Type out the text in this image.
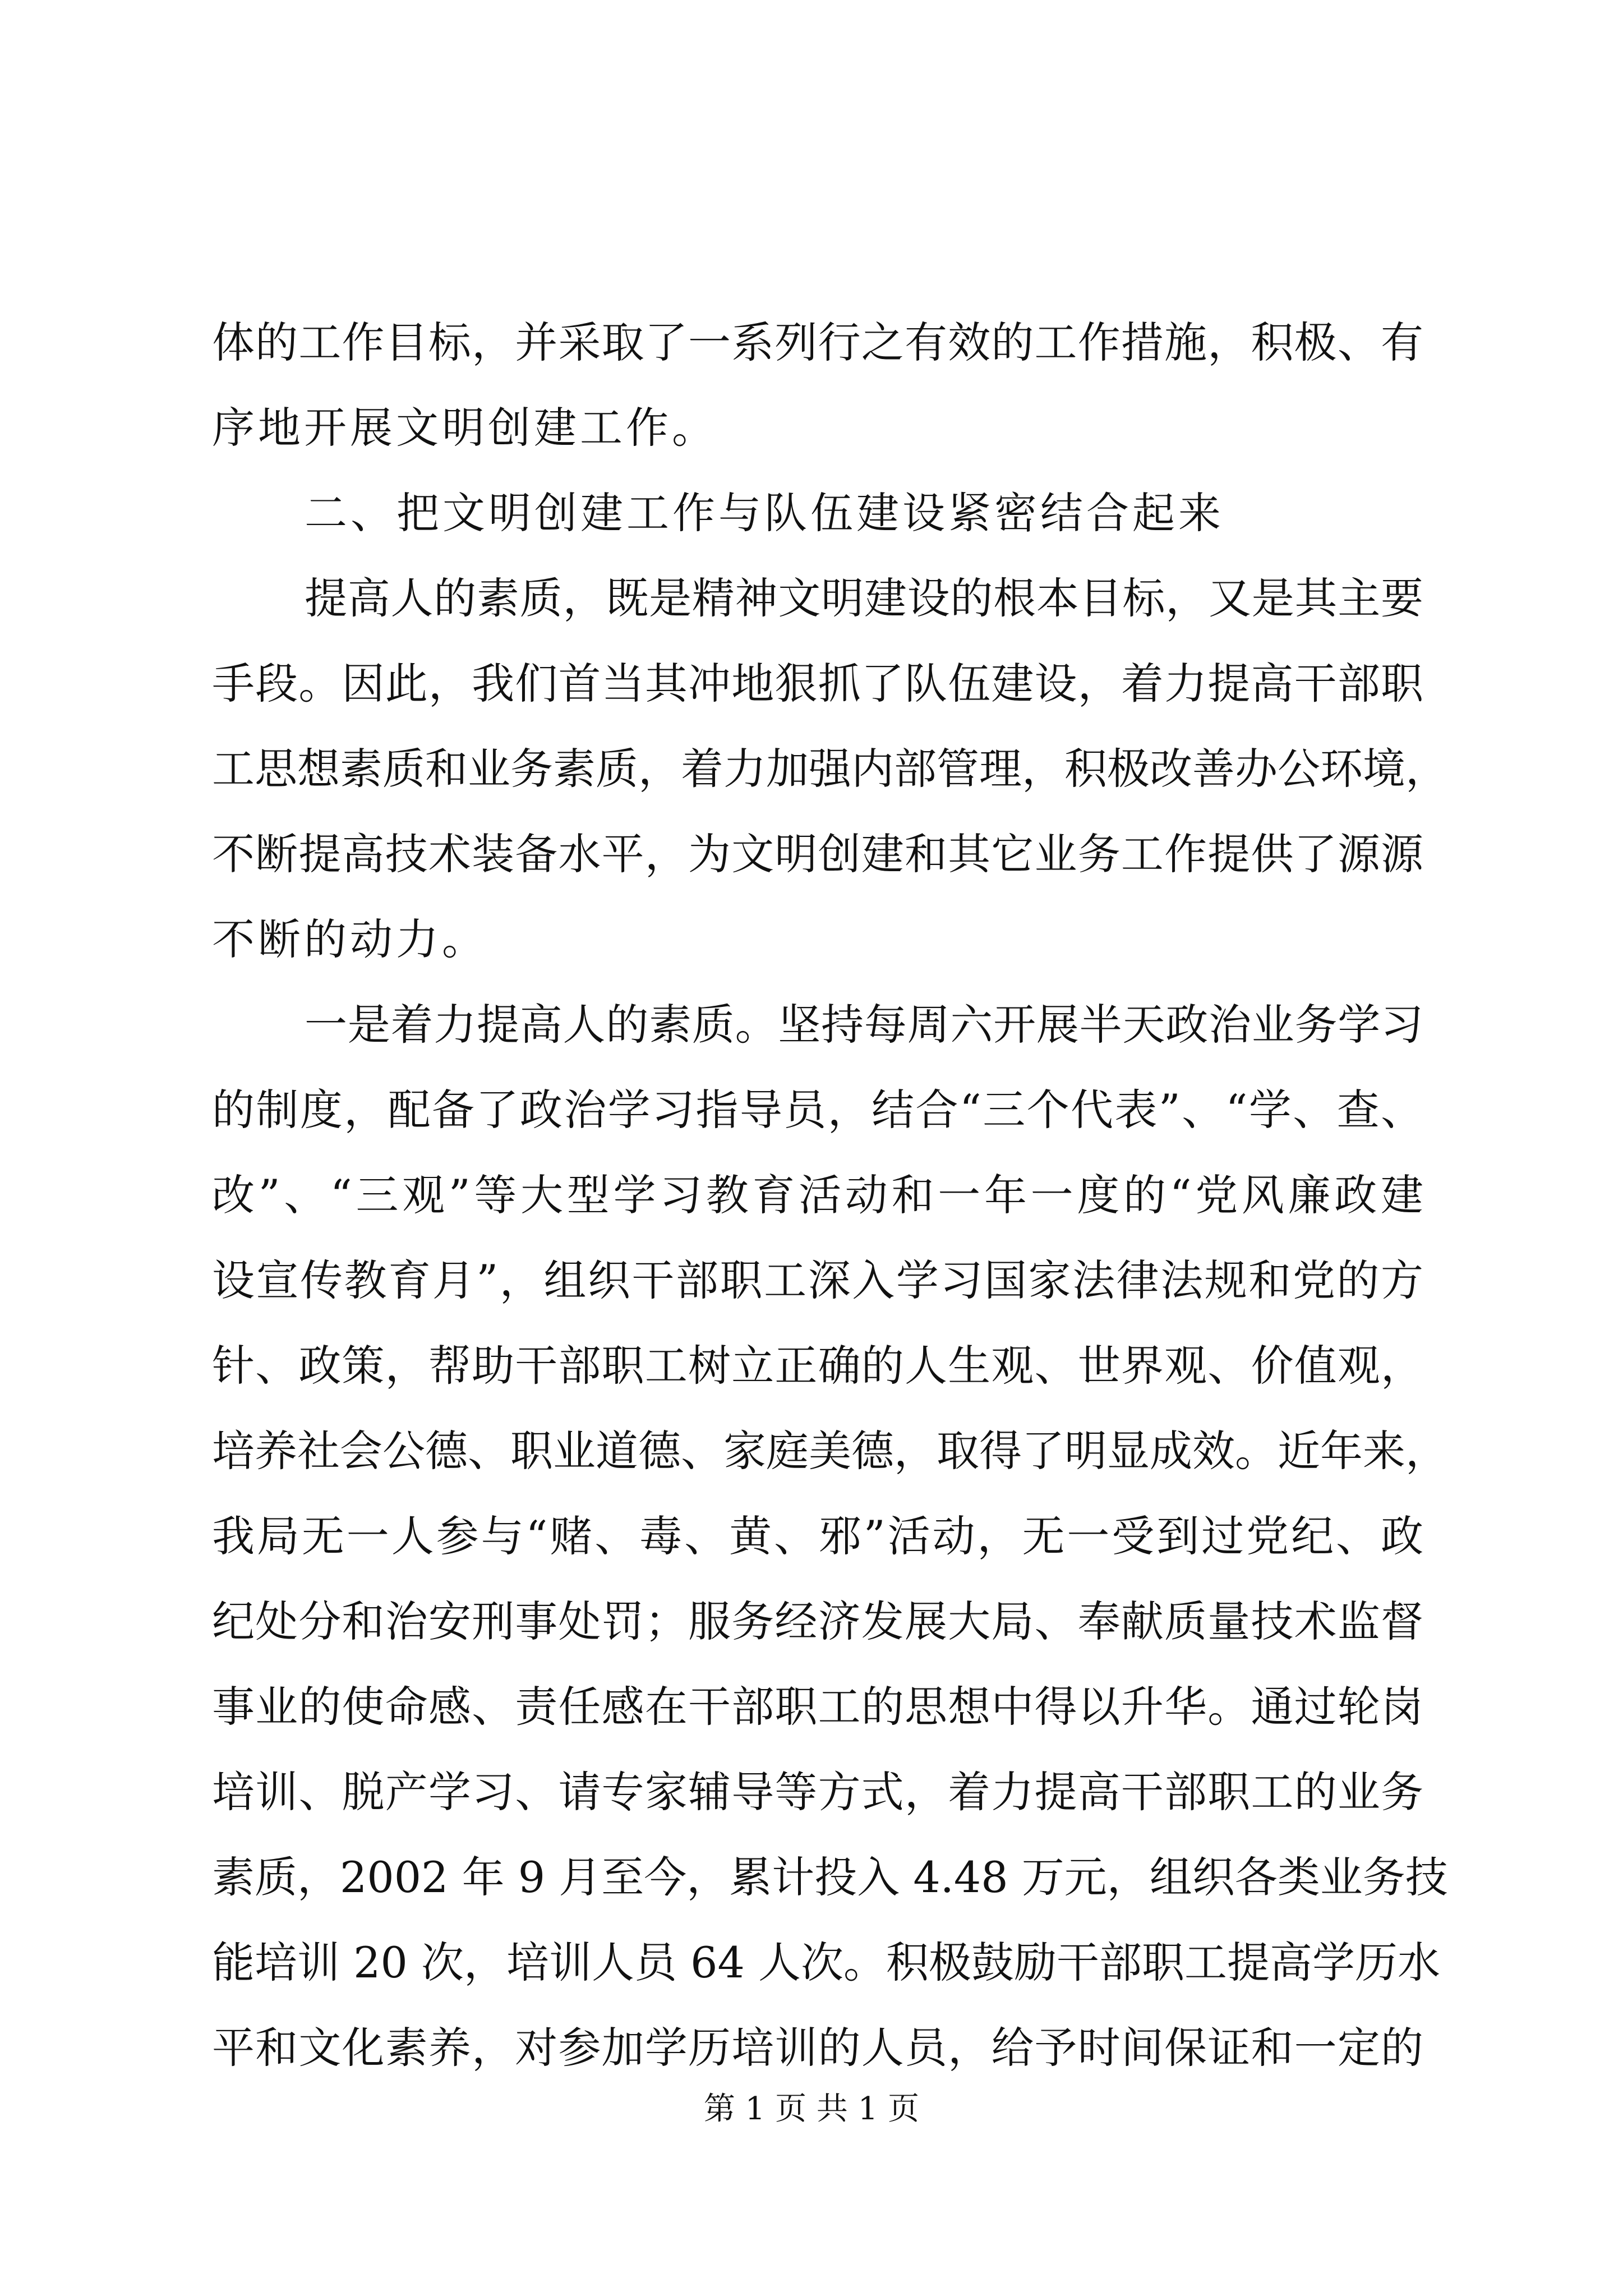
体的工作目标，并采取了一系列行之有效的工作措施，积极、有
序地开展文明创建工作。
二、把文明创建工作与队伍建设紧密结合起来
提高人的素质，既是精神文明建设的根本目标，又是其主要
手段。因此，我们首当其冲地狠抓了队伍建设，着力提高干部职
工思想素质和业务素质，着力加强内部管理，积极改善办公环境，
不断提高技术装备水平，为文明创建和其它业务工作提供了源源
不断的动力。
一是着力提高人的素质。坚持每周六开展半天政治业务学习
的制度，配备了政治学习指导员，结合“三个代表”、“学、查、
改”、“三观”等大型学习教育活动和一年一度的“党风廉政建
设宣传教育月”，组织干部职工深入学习国家法律法规和党的方
针、政策，帮助干部职工树立正确的人生观、世界观、价值观，
培养社会公德、职业道德、家庭美德，取得了明显成效。近年来，
我局无一人参与“赌、毒、黄、邪”活动，无一受到过党纪、政
纪处分和治安刑事处罚；服务经济发展大局、奉献质量技术监督
事业的使命感、责任感在干部职工的思想中得以升华。通过轮岗
培训、脱产学习、请专家辅导等方式，着力提高干部职工的业务
素质，2002 年 9 月至今，累计投入 4.48 万元，组织各类业务技
能培训 20 次，培训人员 64 人次。积极鼓励干部职工提高学历水
平和文化素养，对参加学历培训的人员，给予时间保证和一定的
第 1 页 共 1 页
